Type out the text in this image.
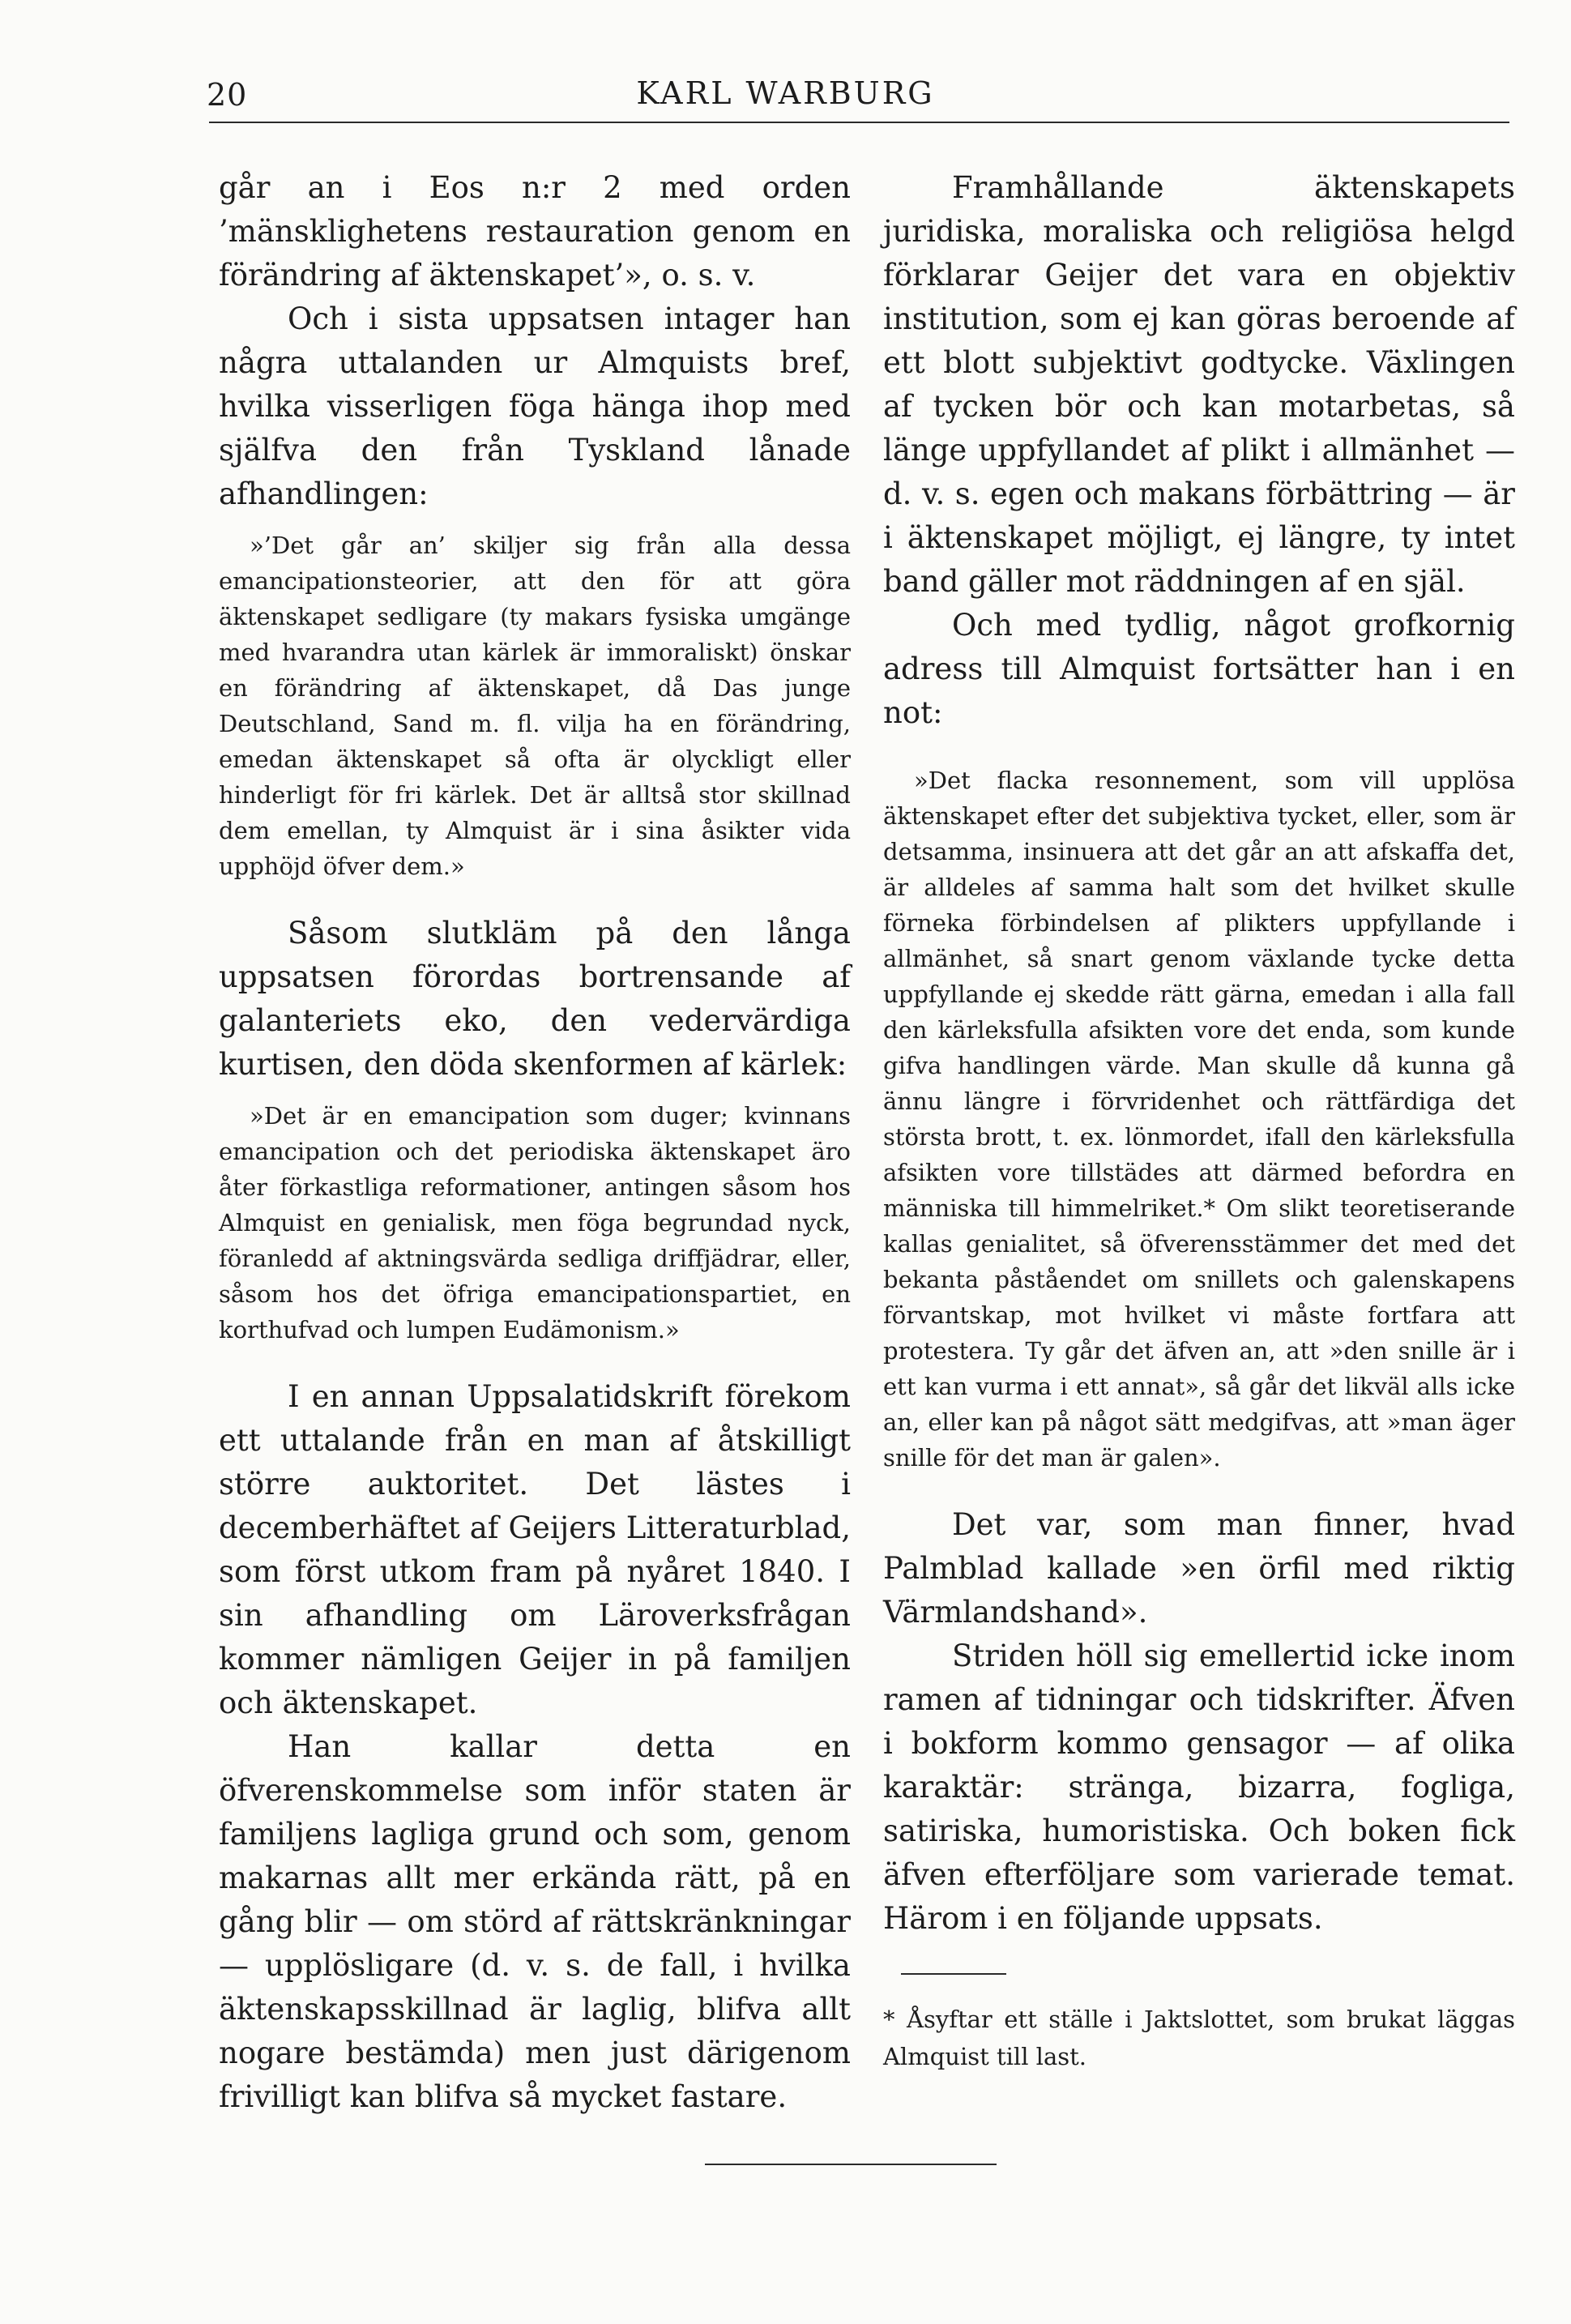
20	KARL WARBURG

går an i Eos n:r 2 med orden ’mänsklighetens restauration genom en förändring af äktenskapet’», o. s. v.

Och i sista uppsatsen intager han några uttalanden ur Almquists bref, hvilka visserligen föga hänga ihop med själfva den från Tyskland lånade afhandlingen:

»’Det går an’ skiljer sig från alla dessa emancipationsteorier, att den för att göra äktenskapet sedligare (ty makars fysiska umgänge med hvarandra utan kärlek är immoraliskt) önskar en förändring af äktenskapet, då Das junge Deutschland, Sand m. fl. vilja ha en förändring, emedan äktenskapet så ofta är olyckligt eller hinderligt för fri kärlek. Det är alltså stor skillnad dem emellan, ty Almquist är i sina åsikter vida upphöjd öfver dem.»

Såsom slutkläm på den långa uppsatsen förordas bortrensande af galanteriets eko, den vedervärdiga kurtisen, den döda skenformen af kärlek:

»Det är en emancipation som duger; kvinnans emancipation och det periodiska äktenskapet äro åter förkastliga reformationer, antingen såsom hos Almquist en genialisk, men föga begrundad nyck, föranledd af aktningsvärda sedliga driffjädrar, eller, såsom hos det öfriga emancipationspartiet, en korthufvad och lumpen Eudämonism.»

I en annan Uppsalatidskrift förekom ett uttalande från en man af åtskilligt större auktoritet. Det lästes i decemberhäftet af Geijers Litteraturblad, som först utkom fram på nyåret 1840. I sin afhandling om Läroverksfrågan kommer nämligen Geijer in på familjen och äktenskapet.

Han kallar detta en öfverenskommelse som inför staten är familjens lagliga grund och som, genom makarnas allt mer erkända rätt, på en gång blir — om störd af rättskränkningar — upplösligare (d. v. s. de fall, i hvilka äktenskapsskillnad är laglig, blifva allt nogare bestämda) men just därigenom frivilligt kan blifva så mycket fastare.

Framhållande äktenskapets juridiska, moraliska och religiösa helgd förklarar Geijer det vara en objektiv institution, som ej kan göras beroende af ett blott subjektivt godtycke. Växlingen af tycken bör och kan motarbetas, så länge uppfyllandet af plikt i allmänhet — d. v. s. egen och makans förbättring — är i äktenskapet möjligt, ej längre, ty intet band gäller mot räddningen af en själ.

Och med tydlig, något grofkornig adress till Almquist fortsätter han i en not:

»Det flacka resonnement, som vill upplösa äktenskapet efter det subjektiva tycket, eller, som är detsamma, insinuera att det går an att afskaffa det, är alldeles af samma halt som det hvilket skulle förneka förbindelsen af plikters uppfyllande i allmänhet, så snart genom växlande tycke detta uppfyllande ej skedde rätt gärna, emedan i alla fall den kärleksfulla afsikten vore det enda, som kunde gifva handlingen värde. Man skulle då kunna gå ännu längre i förvridenhet och rättfärdiga det största brott, t. ex. lönmordet, ifall den kärleksfulla afsikten vore tillstädes att därmed befordra en människa till himmelriket.* Om slikt teoretiserande kallas genialitet, så öfverensstämmer det med det bekanta påståendet om snillets och galenskapens förvantskap, mot hvilket vi måste fortfara att protestera. Ty går det äfven an, att »den snille är i ett kan vurma i ett annat», så går det likväl alls icke an, eller kan på något sätt medgifvas, att »man äger snille för det man är galen».

Det var, som man finner, hvad Palmblad kallade »en örfil med riktig Värmlandshand».

Striden höll sig emellertid icke inom ramen af tidningar och tidskrifter. Äfven i bokform kommo gensagor — af olika karaktär: stränga, bizarra, fogliga, satiriska, humoristiska. Och boken fick äfven efterföljare som varierade temat. Härom i en följande uppsats.

* Åsyftar ett ställe i Jaktslottet, som brukat läggas Almquist till last.
